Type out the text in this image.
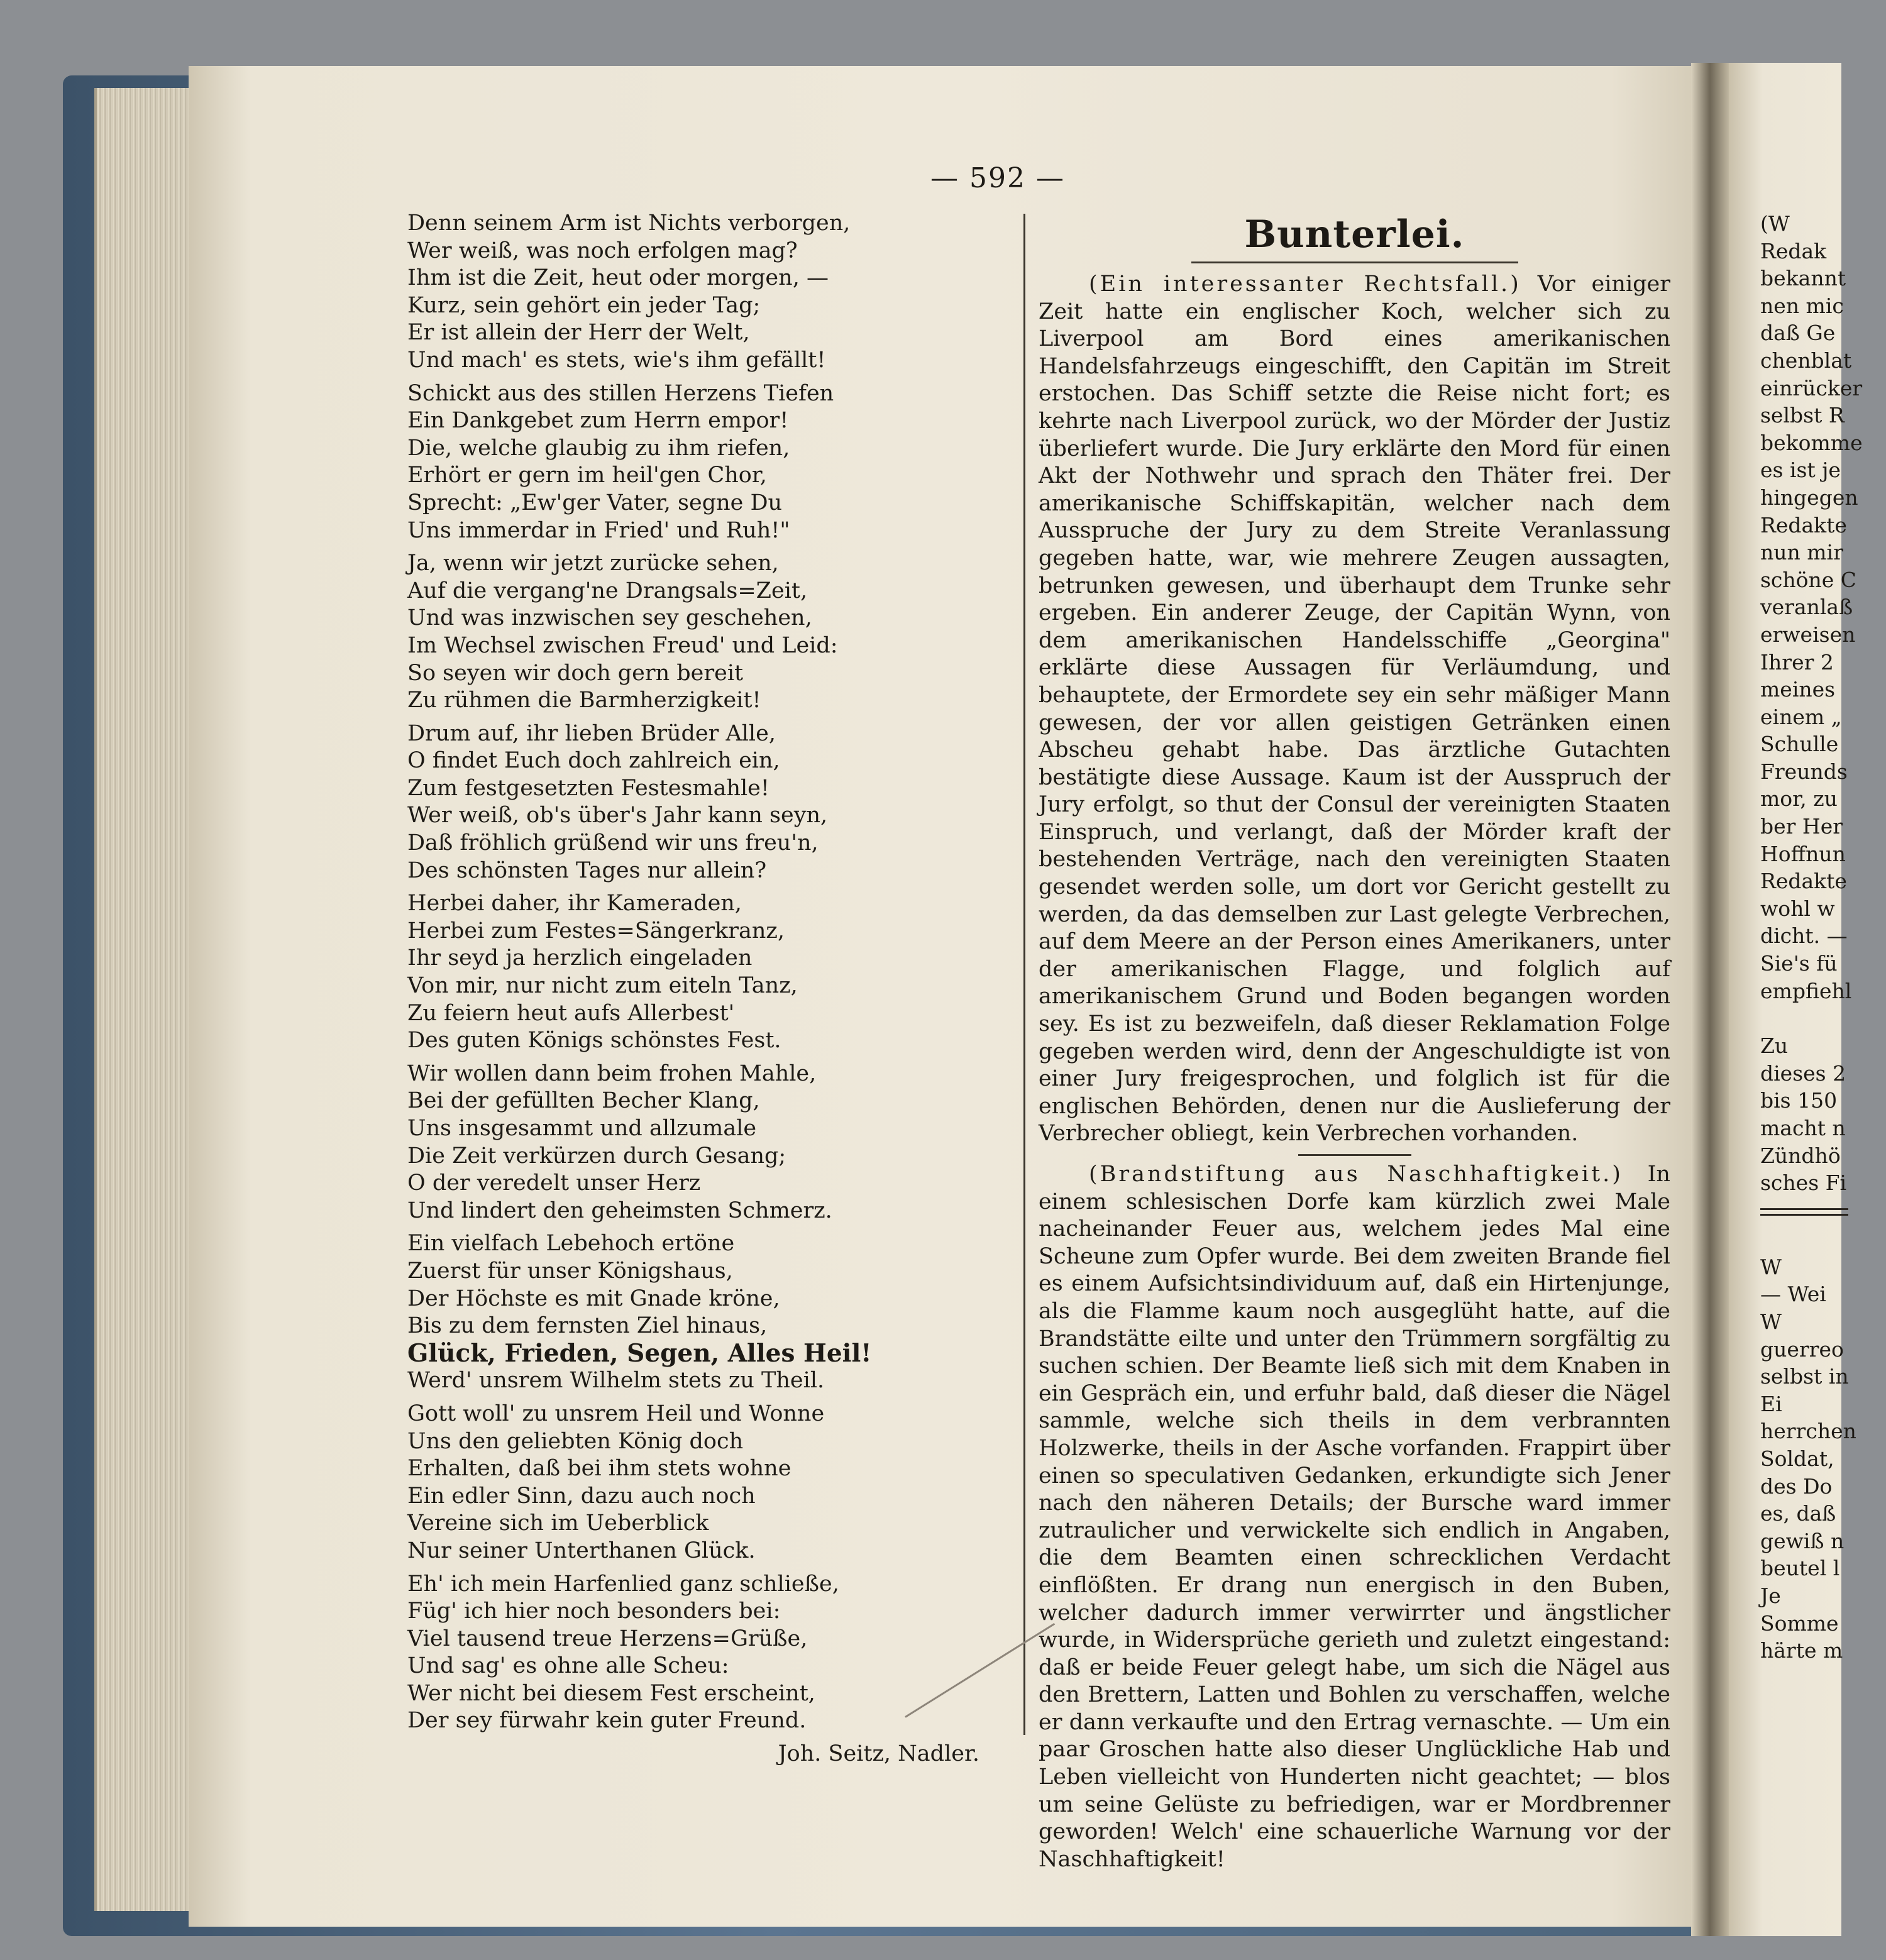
— 592 —
Denn seinem Arm ist Nichts verborgen,
Wer weiß, was noch erfolgen mag?
Ihm ist die Zeit, heut oder morgen, —
Kurz, sein gehört ein jeder Tag;
Er ist allein der Herr der Welt,
Und mach' es stets, wie's ihm gefällt!
Schickt aus des stillen Herzens Tiefen
Ein Dankgebet zum Herrn empor!
Die, welche glaubig zu ihm riefen,
Erhört er gern im heil'gen Chor,
Sprecht: „Ew'ger Vater, segne Du
Uns immerdar in Fried' und Ruh!"
Ja, wenn wir jetzt zurücke sehen,
Auf die vergang'ne Drangsals=Zeit,
Und was inzwischen sey geschehen,
Im Wechsel zwischen Freud' und Leid:
So seyen wir doch gern bereit
Zu rühmen die Barmherzigkeit!
Drum auf, ihr lieben Brüder Alle,
O findet Euch doch zahlreich ein,
Zum festgesetzten Festesmahle!
Wer weiß, ob's über's Jahr kann seyn,
Daß fröhlich grüßend wir uns freu'n,
Des schönsten Tages nur allein?
Herbei daher, ihr Kameraden,
Herbei zum Festes=Sängerkranz,
Ihr seyd ja herzlich eingeladen
Von mir, nur nicht zum eiteln Tanz,
Zu feiern heut aufs Allerbest'
Des guten Königs schönstes Fest.
Wir wollen dann beim frohen Mahle,
Bei der gefüllten Becher Klang,
Uns insgesammt und allzumale
Die Zeit verkürzen durch Gesang;
O der veredelt unser Herz
Und lindert den geheimsten Schmerz.
Ein vielfach Lebehoch ertöne
Zuerst für unser Königshaus,
Der Höchste es mit Gnade kröne,
Bis zu dem fernsten Ziel hinaus,
Glück, Frieden, Segen, Alles Heil!
Werd' unsrem Wilhelm stets zu Theil.
Gott woll' zu unsrem Heil und Wonne
Uns den geliebten König doch
Erhalten, daß bei ihm stets wohne
Ein edler Sinn, dazu auch noch
Vereine sich im Ueberblick
Nur seiner Unterthanen Glück.
Eh' ich mein Harfenlied ganz schließe,
Füg' ich hier noch besonders bei:
Viel tausend treue Herzens=Grüße,
Und sag' es ohne alle Scheu:
Wer nicht bei diesem Fest erscheint,
Der sey fürwahr kein guter Freund.
Joh. Seitz, Nadler.
Bunterlei.

(Ein interessanter Rechtsfall.) Vor einiger Zeit hatte ein englischer Koch, welcher sich zu Liverpool am Bord eines amerikanischen Handelsfahrzeugs eingeschifft, den Capitän im Streit erstochen. Das Schiff setzte die Reise nicht fort; es kehrte nach Liverpool zurück, wo der Mörder der Justiz überliefert wurde. Die Jury erklärte den Mord für einen Akt der Nothwehr und sprach den Thäter frei. Der amerikanische Schiffskapitän, welcher nach dem Ausspruche der Jury zu dem Streite Veranlassung gegeben hatte, war, wie mehrere Zeugen aussagten, betrunken gewesen, und überhaupt dem Trunke sehr ergeben. Ein anderer Zeuge, der Capitän Wynn, von dem amerikanischen Handelsschiffe „Georgina" erklärte diese Aussagen für Verläumdung, und behauptete, der Ermordete sey ein sehr mäßiger Mann gewesen, der vor allen geistigen Getränken einen Abscheu gehabt habe. Das ärztliche Gutachten bestätigte diese Aussage. Kaum ist der Ausspruch der Jury erfolgt, so thut der Consul der vereinigten Staaten Einspruch, und verlangt, daß der Mörder kraft der bestehenden Verträge, nach den vereinigten Staaten gesendet werden solle, um dort vor Gericht gestellt zu werden, da das demselben zur Last gelegte Verbrechen, auf dem Meere an der Person eines Amerikaners, unter der amerikanischen Flagge, und folglich auf amerikanischem Grund und Boden begangen worden sey. Es ist zu bezweifeln, daß dieser Reklamation Folge gegeben werden wird, denn der Angeschuldigte ist von einer Jury freigesprochen, und folglich ist für die englischen Behörden, denen nur die Auslieferung der Verbrecher obliegt, kein Verbrechen vorhanden.

(Brandstiftung aus Naschhaftigkeit.) In einem schlesischen Dorfe kam kürzlich zwei Male nacheinander Feuer aus, welchem jedes Mal eine Scheune zum Opfer wurde. Bei dem zweiten Brande fiel es einem Aufsichtsindividuum auf, daß ein Hirtenjunge, als die Flamme kaum noch ausgeglüht hatte, auf die Brandstätte eilte und unter den Trümmern sorgfältig zu suchen schien. Der Beamte ließ sich mit dem Knaben in ein Gespräch ein, und erfuhr bald, daß dieser die Nägel sammle, welche sich theils in dem verbrannten Holzwerke, theils in der Asche vorfanden. Frappirt über einen so speculativen Gedanken, erkundigte sich Jener nach den näheren Details; der Bursche ward immer zutraulicher und verwickelte sich endlich in Angaben, die dem Beamten einen schrecklichen Verdacht einflößten. Er drang nun energisch in den Buben, welcher dadurch immer verwirrter und ängstlicher wurde, in Widersprüche gerieth und zuletzt eingestand: daß er beide Feuer gelegt habe, um sich die Nägel aus den Brettern, Latten und Bohlen zu verschaffen, welche er dann verkaufte und den Ertrag vernaschte. — Um ein paar Groschen hatte also dieser Unglückliche Hab und Leben vielleicht von Hunderten nicht geachtet; — blos um seine Gelüste zu befriedigen, war er Mordbrenner geworden! Welch' eine schauerliche Warnung vor der Naschhaftigkeit!

(W
Redak
bekannt
nen mic
daß Ge
chenblat
einrücker
selbst R
bekomme
es ist je
hingegen
Redakte
nun mir
schöne C
veranlaß
erweisen
Ihrer 2
meines
einem „
Schulle
Freunds
mor, zu
ber Her
Hoffnun
Redakte
wohl w
dicht. —
Sie's fü
empfiehl
Zu
dieses 2
bis 150
macht n
Zündhö
sches Fi
W
— Wei
W
guerreo
selbst in
Ei
herrchen
Soldat,
des Do
es, daß
gewiß n
beutel l
Je
Somme
härte m
